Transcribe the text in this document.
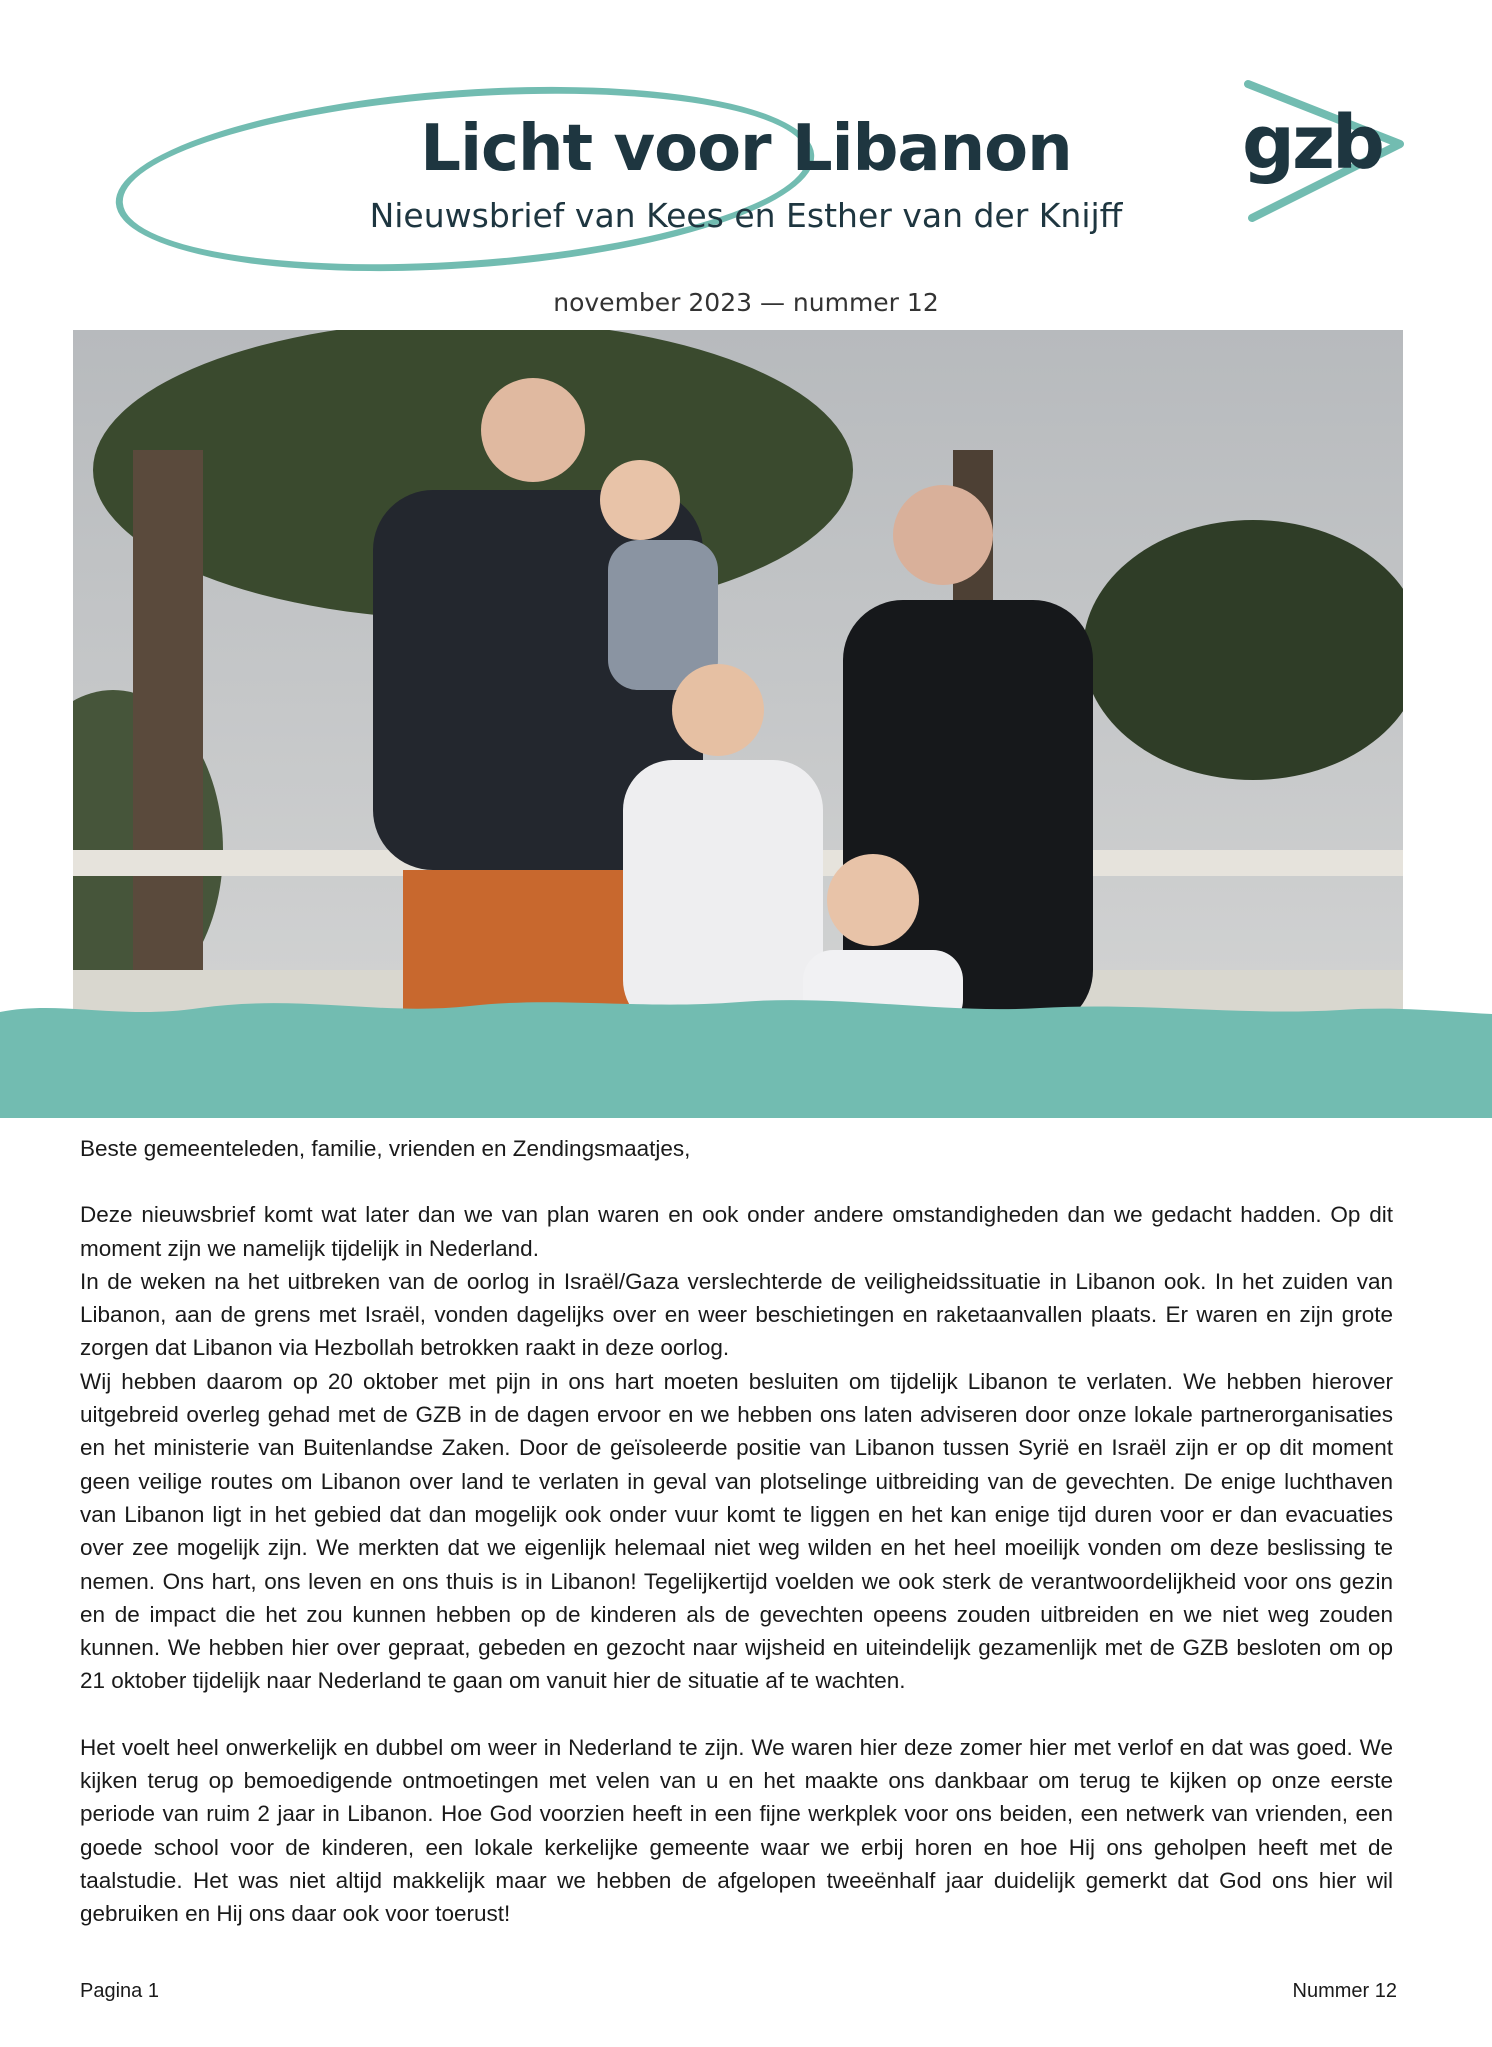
Licht voor Libanon
Nieuwsbrief van Kees en Esther van der Knijff
november 2023 — nummer 12
gzb

Beste gemeenteleden, familie, vrienden en Zendingsmaatjes,

Deze nieuwsbrief komt wat later dan we van plan waren en ook onder andere omstandigheden dan we gedacht hadden. Op dit moment zijn we namelijk tijdelijk in Nederland.

In de weken na het uitbreken van de oorlog in Israël/Gaza verslechterde de veiligheidssituatie in Libanon ook. In het zuiden van Libanon, aan de grens met Israël, vonden dagelijks over en weer beschietingen en raketaanvallen plaats. Er waren en zijn grote zorgen dat Libanon via Hezbollah betrokken raakt in deze oorlog.

Wij hebben daarom op 20 oktober met pijn in ons hart moeten besluiten om tijdelijk Libanon te verlaten. We hebben hierover uitgebreid overleg gehad met de GZB in de dagen ervoor en we hebben ons laten adviseren door onze lokale partnerorganisaties en het ministerie van Buitenlandse Zaken. Door de geïsoleerde positie van Libanon tussen Syrië en Israël zijn er op dit moment geen veilige routes om Libanon over land te verlaten in geval van plotselinge uitbreiding van de gevechten. De enige luchthaven van Libanon ligt in het gebied dat dan mogelijk ook onder vuur komt te liggen en het kan enige tijd duren voor er dan evacuaties over zee mogelijk zijn. We merkten dat we eigenlijk helemaal niet weg wilden en het heel moeilijk vonden om deze beslissing te nemen. Ons hart, ons leven en ons thuis is in Libanon! Tegelijkertijd voelden we ook sterk de verantwoordelijkheid voor ons gezin en de impact die het zou kunnen hebben op de kinderen als de gevechten opeens zouden uitbreiden en we niet weg zouden kunnen. We hebben hier over gepraat, gebeden en gezocht naar wijsheid en uiteindelijk gezamenlijk met de GZB besloten om op 21 oktober tijdelijk naar Nederland te gaan om vanuit hier de situatie af te wachten.

Het voelt heel onwerkelijk en dubbel om weer in Nederland te zijn. We waren hier deze zomer hier met verlof en dat was goed. We kijken terug op bemoedigende ontmoetingen met velen van u en het maakte ons dankbaar om terug te kijken op onze eerste periode van ruim 2 jaar in Libanon. Hoe God voorzien heeft in een fijne werkplek voor ons beiden, een netwerk van vrienden, een goede school voor de kinderen, een lokale kerkelijke gemeente waar we erbij horen en hoe Hij ons geholpen heeft met de taalstudie. Het was niet altijd makkelijk maar we hebben de afgelopen tweeënhalf jaar duidelijk gemerkt dat God ons hier wil gebruiken en Hij ons daar ook voor toerust!

Pagina 1	Nummer 12
